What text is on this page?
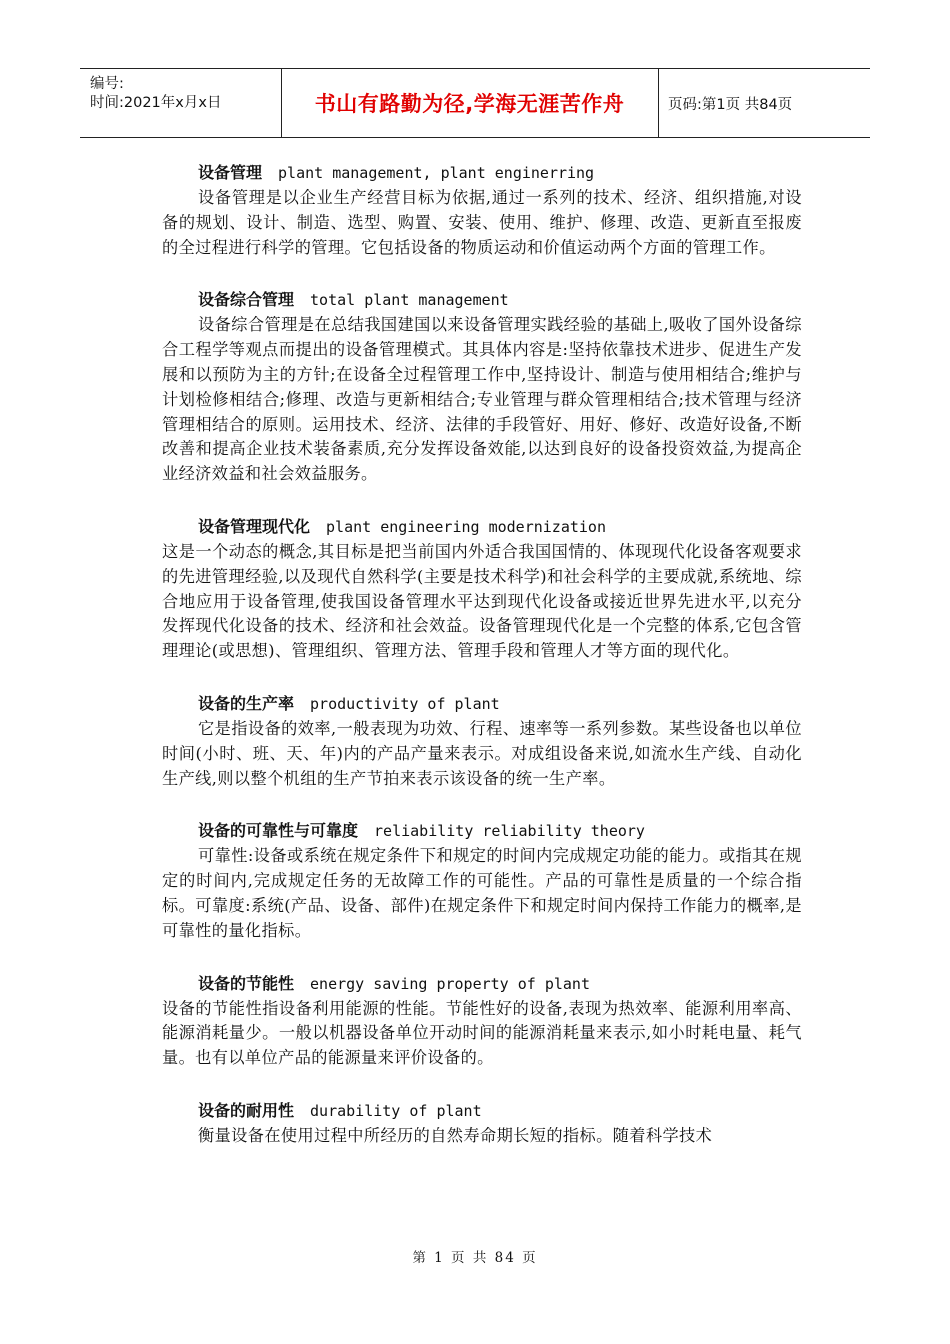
编号:
时间:2021年x月x日	书山有路勤为径,学海无涯苦作舟	页码:第1页 共84页
设备管理 plant management, plant enginerring

设备管理是以企业生产经营目标为依据,通过一系列的技术、经济、组织措施,对设备的规划、设计、制造、选型、购置、安装、使用、维护、修理、改造、更新直至报废的全过程进行科学的管理。它包括设备的物质运动和价值运动两个方面的管理工作。

设备综合管理 total plant management

设备综合管理是在总结我国建国以来设备管理实践经验的基础上,吸收了国外设备综合工程学等观点而提出的设备管理模式。其具体内容是:坚持依靠技术进步、促进生产发展和以预防为主的方针;在设备全过程管理工作中,坚持设计、制造与使用相结合;维护与计划检修相结合;修理、改造与更新相结合;专业管理与群众管理相结合;技术管理与经济管理相结合的原则。运用技术、经济、法律的手段管好、用好、修好、改造好设备,不断改善和提高企业技术装备素质,充分发挥设备效能,以达到良好的设备投资效益,为提高企业经济效益和社会效益服务。

设备管理现代化 plant engineering modernization

这是一个动态的概念,其目标是把当前国内外适合我国国情的、体现现代化设备客观要求的先进管理经验,以及现代自然科学(主要是技术科学)和社会科学的主要成就,系统地、综合地应用于设备管理,使我国设备管理水平达到现代化设备或接近世界先进水平,以充分发挥现代化设备的技术、经济和社会效益。设备管理现代化是一个完整的体系,它包含管理理论(或思想)、管理组织、管理方法、管理手段和管理人才等方面的现代化。

设备的生产率 productivity of plant

它是指设备的效率,一般表现为功效、行程、速率等一系列参数。某些设备也以单位时间(小时、班、天、年)内的产品产量来表示。对成组设备来说,如流水生产线、自动化生产线,则以整个机组的生产节拍来表示该设备的统一生产率。

设备的可靠性与可靠度 reliability reliability theory

可靠性:设备或系统在规定条件下和规定的时间内完成规定功能的能力。或指其在规定的时间内,完成规定任务的无故障工作的可能性。产品的可靠性是质量的一个综合指标。可靠度:系统(产品、设备、部件)在规定条件下和规定时间内保持工作能力的概率,是可靠性的量化指标。

设备的节能性 energy saving property of plant

设备的节能性指设备利用能源的性能。节能性好的设备,表现为热效率、能源利用率高、能源消耗量少。一般以机器设备单位开动时间的能源消耗量来表示,如小时耗电量、耗气量。也有以单位产品的能源量来评价设备的。

设备的耐用性 durability of plant

衡量设备在使用过程中所经历的自然寿命期长短的指标。随着科学技术

第 1 页 共 84 页
